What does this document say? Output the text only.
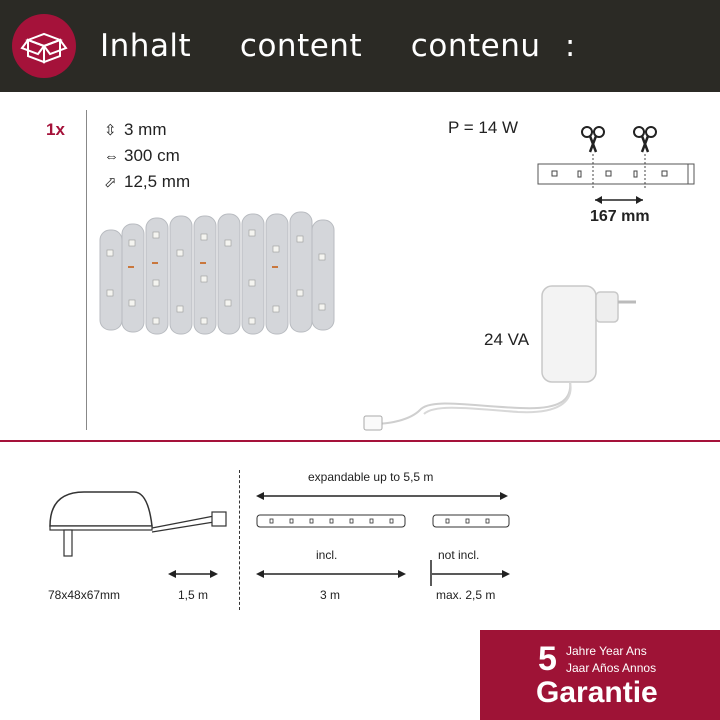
Inhalt  content  contenu :
1x	⇳ 3 mm
⇔ 300 cm
⬀ 12,5 mm
P = 14 W
167 mm
24 VA
78x48x67mm	1,5 m
expandable up to 5,5 m
incl.
3 m
not incl.
max. 2,5 m
5 Jahre Year Ans
Jaar Años Annos
Garantie
